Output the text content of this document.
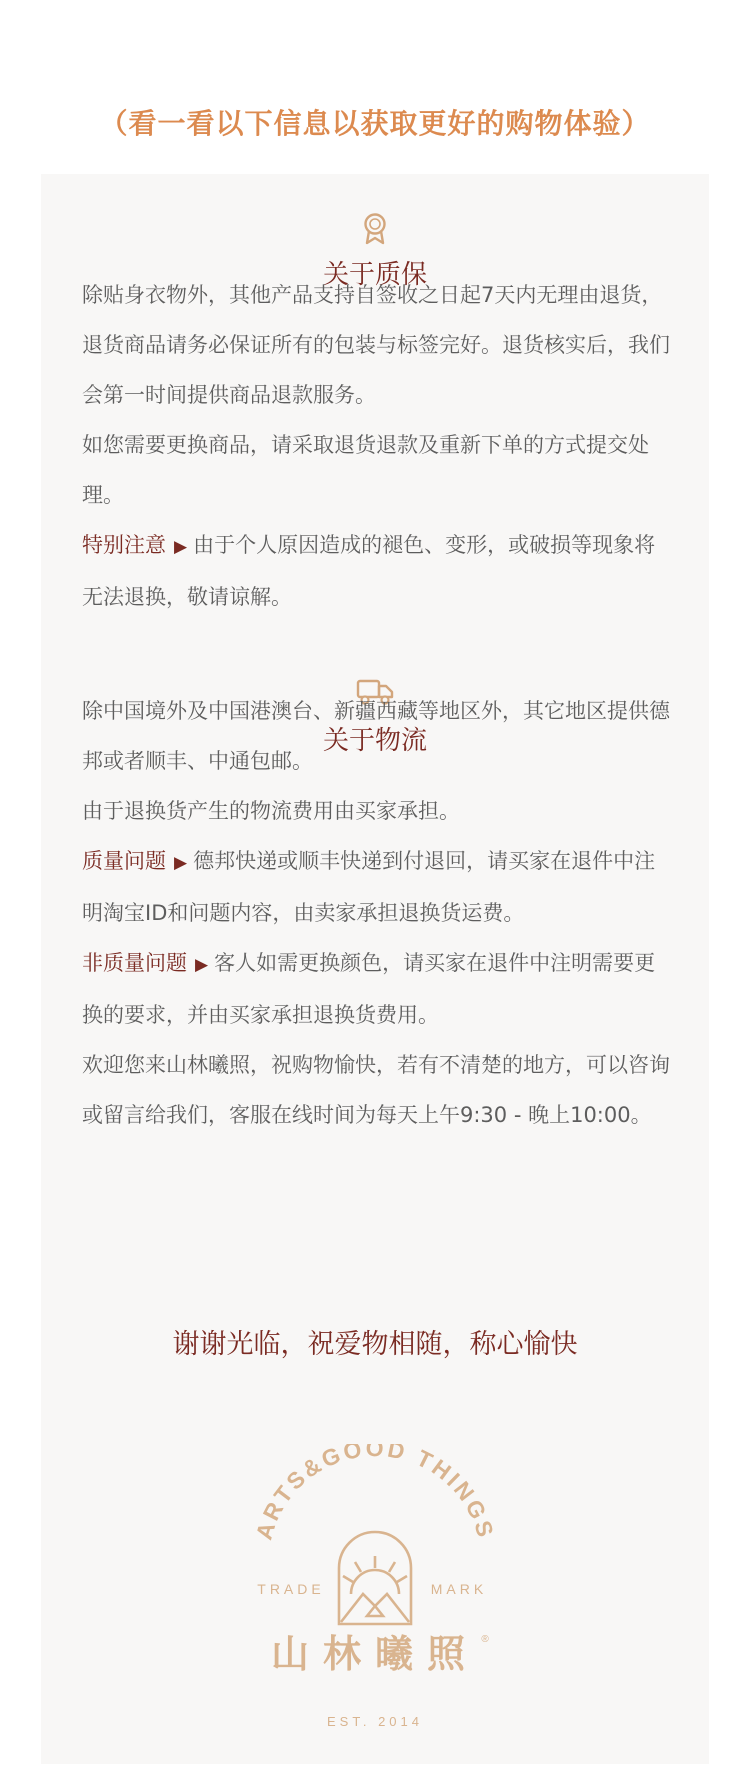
（看一看以下信息以获取更好的购物体验）
关于质保

除贴身衣物外，其他产品支持自签收之日起7天内无理由退货，退货商品请务必保证所有的包装与标签完好。退货核实后，我们会第一时间提供商品退款服务。

如您需要更换商品，请采取退货退款及重新下单的方式提交处理。

特别注意 ▶ 由于个人原因造成的褪色、变形，或破损等现象将无法退换，敬请谅解。

关于物流

除中国境外及中国港澳台、新疆西藏等地区外，其它地区提供德邦或者顺丰、中通包邮。

由于退换货产生的物流费用由买家承担。

质量问题 ▶ 德邦快递或顺丰快递到付退回，请买家在退件中注明淘宝ID和问题内容，由卖家承担退换货运费。

非质量问题 ▶ 客人如需更换颜色，请买家在退件中注明需要更换的要求，并由买家承担退换货费用。

欢迎您来山林曦照，祝购物愉快，若有不清楚的地方，可以咨询或留言给我们，客服在线时间为每天上午9:30 - 晚上10:00。

谢谢光临，祝爱物相随，称心愉快
ARTS&GOOD THINGS
TRADE	MARK
山林曦照 ®
EST. 2014
